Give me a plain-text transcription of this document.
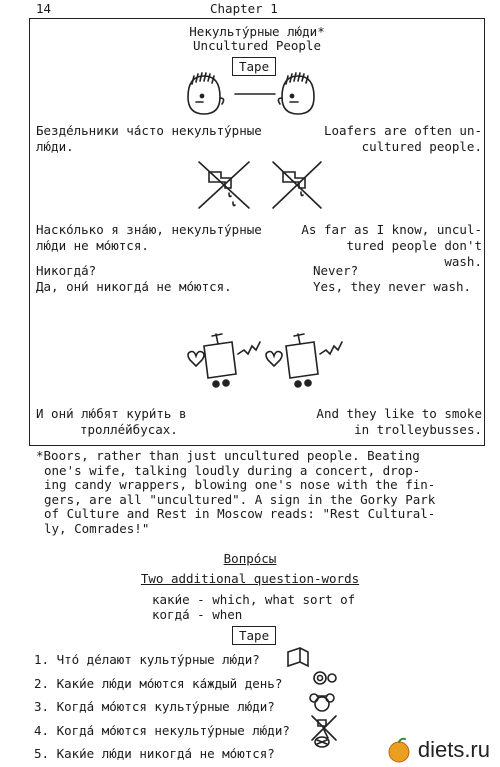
14	Chapter 1
Некульту́рные лю́ди*
Uncultured People
Tape
Безде́льники ча́сто некульту́рные
лю́ди.
Loafers are often un-
cultured people.
Наско́лько я зна́ю, некульту́рные
лю́ди не мо́ются.
As far as I know, uncul-
tured people don't
wash.
Никогда́?
Да, они́ никогда́ не мо́ются.
Never?
Yes, they never wash.
И они́ лю́бят кури́ть в
троллé́йбусах.
And they like to smoke
in trolleybusses.
*Boors, rather than just uncultured people. Beating
one's wife, talking loudly during a concert, drop-
ing candy wrappers, blowing one's nose with the fin-
gers, are all "uncultured". A sign in the Gorky Park
of Culture and Rest in Moscow reads: "Rest Cultural-
ly, Comrades!"
Вопро́сы
Two additional question-words
каки́е - which, what sort of
когда́ - when
Tape
1. Что́ де́лают культу́рные лю́ди?
2. Каки́е лю́ди мо́ются ка́ждый день?
3. Когда́ мо́ются культу́рные лю́ди?
4. Когда́ мо́ются некульту́рные лю́ди?
5. Каки́е лю́ди никогда́ не мо́ются?	diets.ru
